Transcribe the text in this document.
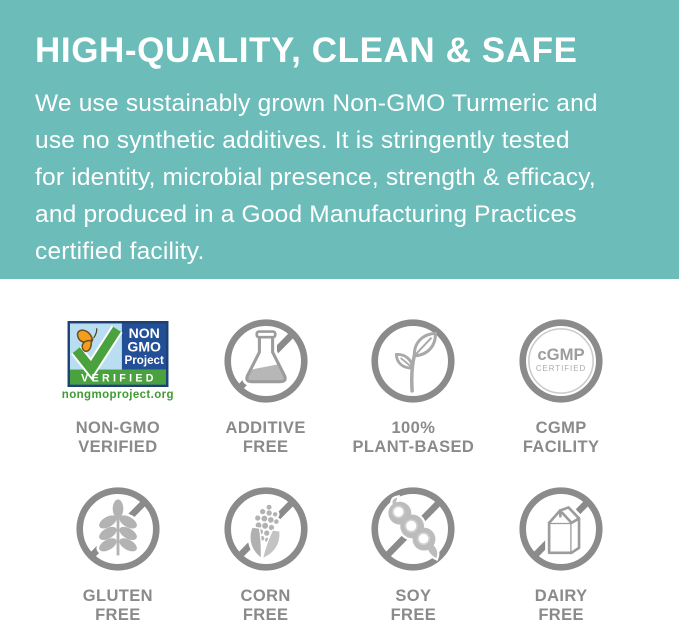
HIGH-QUALITY, CLEAN & SAFE
We use sustainably grown Non-GMO Turmeric and
use no synthetic additives. It is stringently tested
for identity, microbial presence, strength & efficacy,
and produced in a Good Manufacturing Practices
certified facility.
NON
GMO
Project
VERIFIED
nongmoproject.org
NON-GMO
VERIFIED
ADDITIVE
FREE
100%
PLANT-BASED
cGMP
CERTIFIED
CGMP
FACILITY
GLUTEN
FREE
CORN
FREE
SOY
FREE
DAIRY
FREE
